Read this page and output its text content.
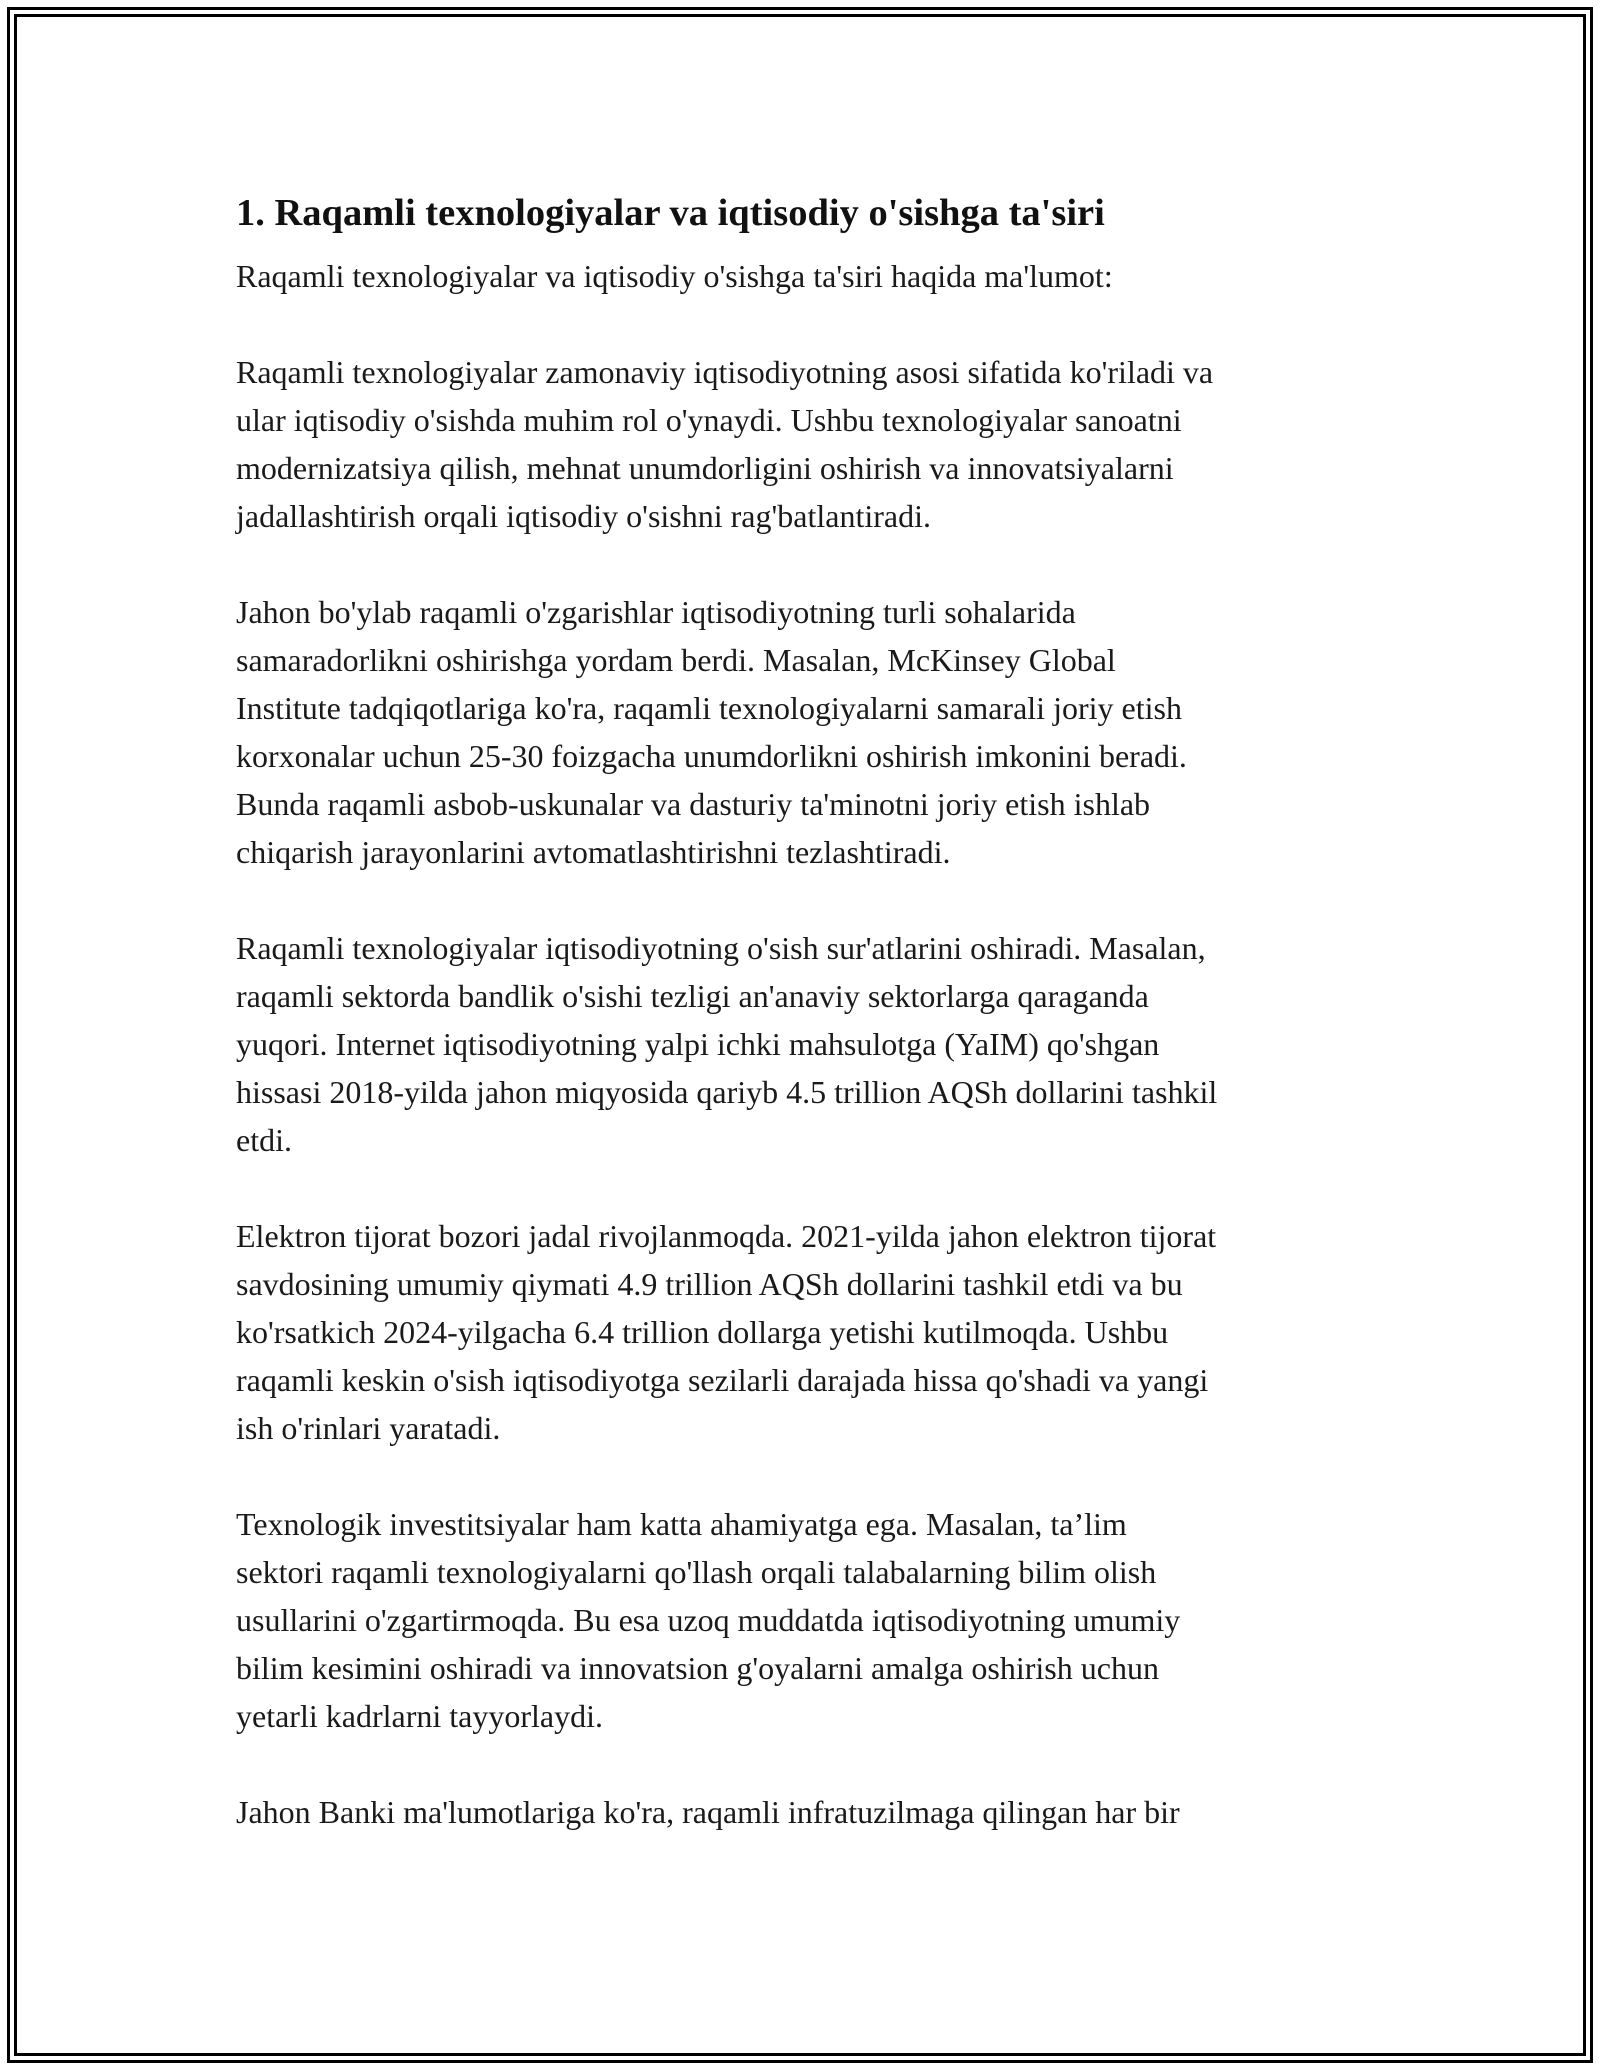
1. Raqamli texnologiyalar va iqtisodiy o'sishga ta'siri
Raqamli texnologiyalar va iqtisodiy o'sishga ta'siri haqida ma'lumot:
Raqamli texnologiyalar zamonaviy iqtisodiyotning asosi sifatida ko'riladi va
ular iqtisodiy o'sishda muhim rol o'ynaydi. Ushbu texnologiyalar sanoatni
modernizatsiya qilish, mehnat unumdorligini oshirish va innovatsiyalarni
jadallashtirish orqali iqtisodiy o'sishni rag'batlantiradi.
Jahon bo'ylab raqamli o'zgarishlar iqtisodiyotning turli sohalarida
samaradorlikni oshirishga yordam berdi. Masalan, McKinsey Global
Institute tadqiqotlariga ko'ra, raqamli texnologiyalarni samarali joriy etish
korxonalar uchun 25-30 foizgacha unumdorlikni oshirish imkonini beradi.
Bunda raqamli asbob-uskunalar va dasturiy ta'minotni joriy etish ishlab
chiqarish jarayonlarini avtomatlashtirishni tezlashtiradi.
Raqamli texnologiyalar iqtisodiyotning o'sish sur'atlarini oshiradi. Masalan,
raqamli sektorda bandlik o'sishi tezligi an'anaviy sektorlarga qaraganda
yuqori. Internet iqtisodiyotning yalpi ichki mahsulotga (YaIM) qo'shgan
hissasi 2018-yilda jahon miqyosida qariyb 4.5 trillion AQSh dollarini tashkil
etdi.
Elektron tijorat bozori jadal rivojlanmoqda. 2021-yilda jahon elektron tijorat
savdosining umumiy qiymati 4.9 trillion AQSh dollarini tashkil etdi va bu
ko'rsatkich 2024-yilgacha 6.4 trillion dollarga yetishi kutilmoqda. Ushbu
raqamli keskin o'sish iqtisodiyotga sezilarli darajada hissa qo'shadi va yangi
ish o'rinlari yaratadi.
Texnologik investitsiyalar ham katta ahamiyatga ega. Masalan, ta’lim
sektori raqamli texnologiyalarni qo'llash orqali talabalarning bilim olish
usullarini o'zgartirmoqda. Bu esa uzoq muddatda iqtisodiyotning umumiy
bilim kesimini oshiradi va innovatsion g'oyalarni amalga oshirish uchun
yetarli kadrlarni tayyorlaydi.
Jahon Banki ma'lumotlariga ko'ra, raqamli infratuzilmaga qilingan har bir
